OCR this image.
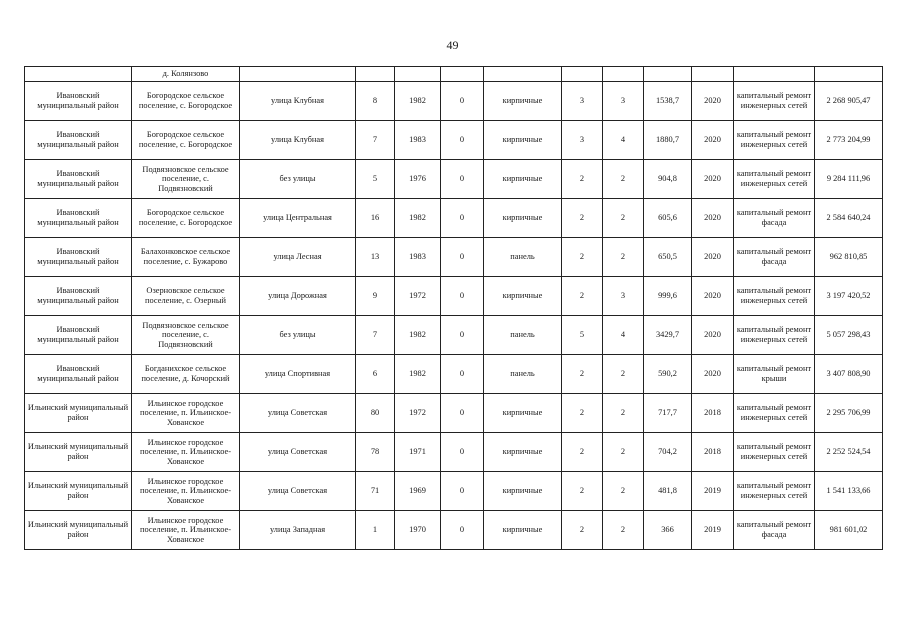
49
	д. Колянзово											
Ивановский муниципальный район	Богородское сельское поселение, с. Богородское	улица Клубная	8	1982	0	кирпичные	3	3	1538,7	2020	капитальный ремонт инженерных сетей	2 268 905,47
Ивановский муниципальный район	Богородское сельское поселение, с. Богородское	улица Клубная	7	1983	0	кирпичные	3	4	1880,7	2020	капитальный ремонт инженерных сетей	2 773 204,99
Ивановский муниципальный район	Подвязновское сельское поселение, с. Подвязновский	без улицы	5	1976	0	кирпичные	2	2	904,8	2020	капитальный ремонт инженерных сетей	9 284 111,96
Ивановский муниципальный район	Богородское сельское поселение, с. Богородское	улица Центральная	16	1982	0	кирпичные	2	2	605,6	2020	капитальный ремонт фасада	2 584 640,24
Ивановский муниципальный район	Балахонковское сельское поселение, с. Бужарово	улица Лесная	13	1983	0	панель	2	2	650,5	2020	капитальный ремонт фасада	962 810,85
Ивановский муниципальный район	Озерновское сельское поселение, с. Озерный	улица Дорожная	9	1972	0	кирпичные	2	3	999,6	2020	капитальный ремонт инженерных сетей	3 197 420,52
Ивановский муниципальный район	Подвязновское сельское поселение, с. Подвязновский	без улицы	7	1982	0	панель	5	4	3429,7	2020	капитальный ремонт инженерных сетей	5 057 298,43
Ивановский муниципальный район	Богданихское сельское поселение, д. Кочорский	улица Спортивная	6	1982	0	панель	2	2	590,2	2020	капитальный ремонт крыши	3 407 808,90
Ильинский муниципальный район	Ильинское городское поселение, п. Ильинское-Хованское	улица Советская	80	1972	0	кирпичные	2	2	717,7	2018	капитальный ремонт инженерных сетей	2 295 706,99
Ильинский муниципальный район	Ильинское городское поселение, п. Ильинское-Хованское	улица Советская	78	1971	0	кирпичные	2	2	704,2	2018	капитальный ремонт инженерных сетей	2 252 524,54
Ильинский муниципальный район	Ильинское городское поселение, п. Ильинское-Хованское	улица Советская	71	1969	0	кирпичные	2	2	481,8	2019	капитальный ремонт инженерных сетей	1 541 133,66
Ильинский муниципальный район	Ильинское городское поселение, п. Ильинское-Хованское	улица Западная	1	1970	0	кирпичные	2	2	366	2019	капитальный ремонт фасада	981 601,02
